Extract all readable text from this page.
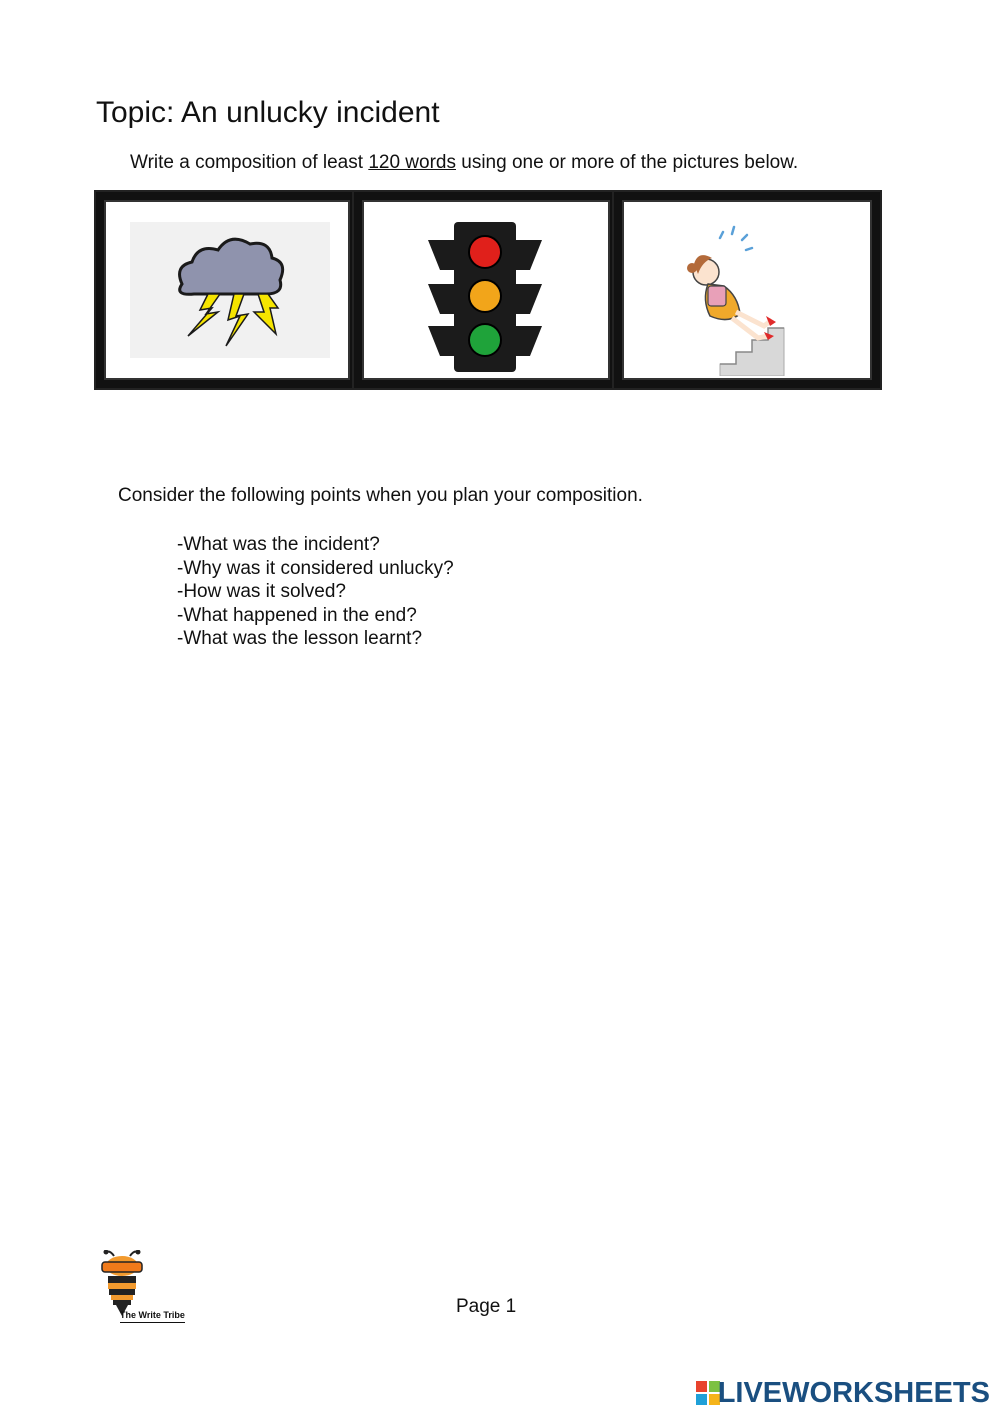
Topic: An unlucky incident
Write a composition of least 120 words using one or more of the pictures below.
Consider the following points when you plan your composition.
-What was the incident?
-Why was it considered unlucky?
-How was it solved?
-What happened in the end?
-What was the lesson learnt?
The Write Tribe	Page 1
LIVEWORKSHEETS
